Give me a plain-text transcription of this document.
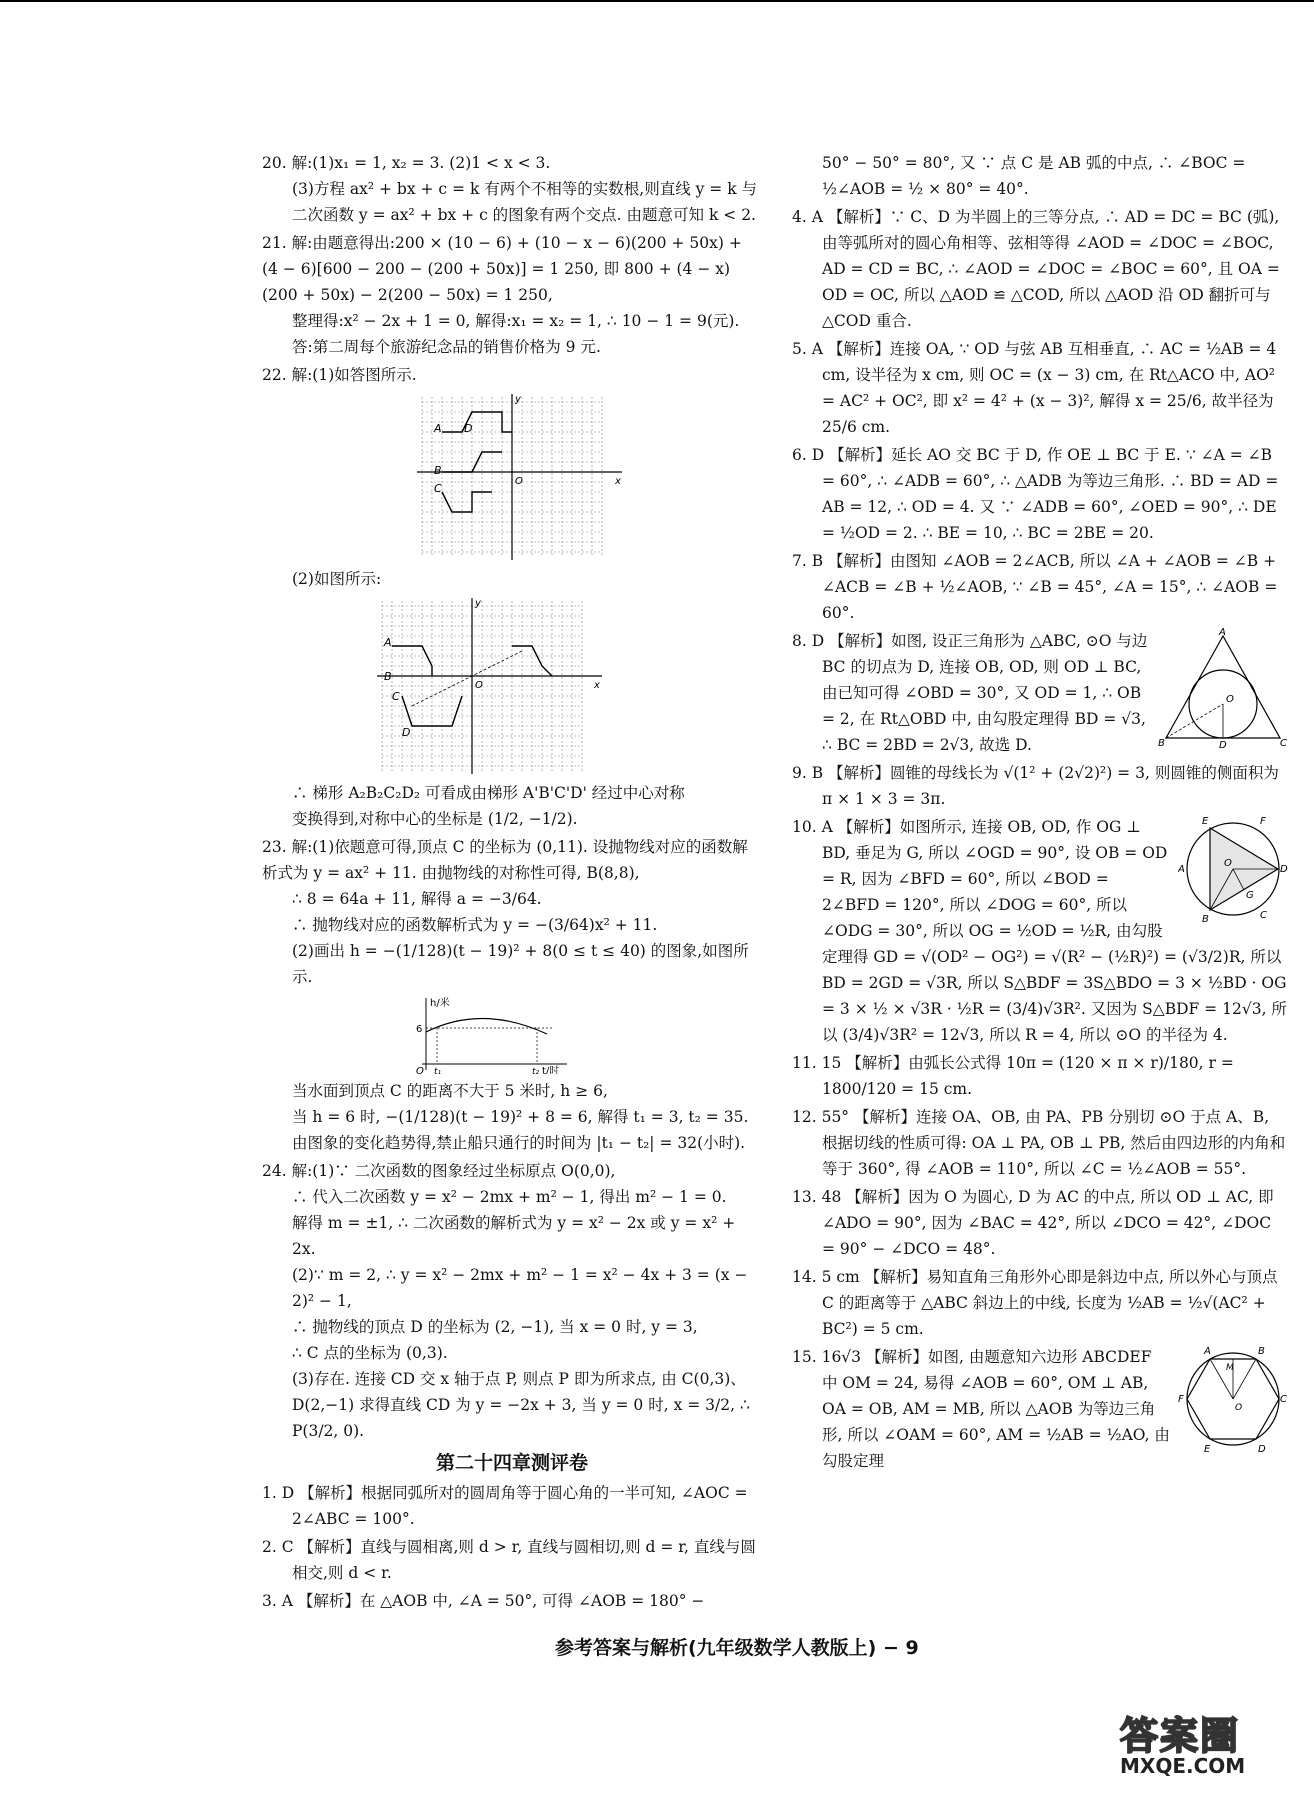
20. 解:(1)x₁ = 1, x₂ = 3. (2)1 < x < 3.
(3)方程 ax² + bx + c = k 有两个不相等的实数根,则直线 y = k 与二次函数 y = ax² + bx + c 的图象有两个交点. 由题意可知 k < 2.
21. 解:由题意得出:200 × (10 − 6) + (10 − x − 6)(200 + 50x) + (4 − 6)[600 − 200 − (200 + 50x)] = 1 250, 即 800 + (4 − x)(200 + 50x) − 2(200 − 50x) = 1 250,
整理得:x² − 2x + 1 = 0, 解得:x₁ = x₂ = 1, ∴ 10 − 1 = 9(元).
答:第二周每个旅游纪念品的销售价格为 9 元.
22. 解:(1)如答图所示.
A
B
C
D
y
x
O
(2)如图所示:
A
B
C
D
y
x
O
∴ 梯形 A₂B₂C₂D₂ 可看成由梯形 A'B'C'D' 经过中心对称
变换得到,对称中心的坐标是 (1/2, −1/2).
23. 解:(1)依题意可得,顶点 C 的坐标为 (0,11). 设抛物线对应的函数解析式为 y = ax² + 11. 由抛物线的对称性可得, B(8,8),
∴ 8 = 64a + 11, 解得 a = −3/64.
∴ 抛物线对应的函数解析式为 y = −(3/64)x² + 11.
(2)画出 h = −(1/128)(t − 19)² + 8(0 ≤ t ≤ 40) 的图象,如图所示.
h/米
t/时
6
O t₁	t₂
当水面到顶点 C 的距离不大于 5 米时, h ≥ 6,
当 h = 6 时, −(1/128)(t − 19)² + 8 = 6, 解得 t₁ = 3, t₂ = 35.
由图象的变化趋势得,禁止船只通行的时间为 |t₁ − t₂| = 32(小时).
24. 解:(1)∵ 二次函数的图象经过坐标原点 O(0,0),
∴ 代入二次函数 y = x² − 2mx + m² − 1, 得出 m² − 1 = 0.
解得 m = ±1, ∴ 二次函数的解析式为 y = x² − 2x 或 y = x² + 2x.
(2)∵ m = 2, ∴ y = x² − 2mx + m² − 1 = x² − 4x + 3 = (x − 2)² − 1,
∴ 抛物线的顶点 D 的坐标为 (2, −1), 当 x = 0 时, y = 3,
∴ C 点的坐标为 (0,3).
(3)存在. 连接 CD 交 x 轴于点 P, 则点 P 即为所求点, 由 C(0,3)、D(2,−1) 求得直线 CD 为 y = −2x + 3, 当 y = 0 时, x = 3/2, ∴ P(3/2, 0).
第二十四章测评卷
1. D 【解析】根据同弧所对的圆周角等于圆心角的一半可知, ∠AOC = 2∠ABC = 100°.
2. C 【解析】直线与圆相离,则 d > r, 直线与圆相切,则 d = r, 直线与圆相交,则 d < r.
3. A 【解析】在 △AOB 中, ∠A = 50°, 可得 ∠AOB = 180° −
50° − 50° = 80°, 又 ∵ 点 C 是 AB 弧的中点, ∴ ∠BOC = ½∠AOB = ½ × 80° = 40°.
4. A 【解析】∵ C、D 为半圆上的三等分点, ∴ AD = DC = BC (弧), 由等弧所对的圆心角相等、弦相等得 ∠AOD = ∠DOC = ∠BOC, AD = CD = BC, ∴ ∠AOD = ∠DOC = ∠BOC = 60°, 且 OA = OD = OC, 所以 △AOD ≌ △COD, 所以 △AOD 沿 OD 翻折可与 △COD 重合.
5. A 【解析】连接 OA, ∵ OD 与弦 AB 互相垂直, ∴ AC = ½AB = 4 cm, 设半径为 x cm, 则 OC = (x − 3) cm, 在 Rt△ACO 中, AO² = AC² + OC², 即 x² = 4² + (x − 3)², 解得 x = 25/6, 故半径为 25/6 cm.
6. D 【解析】延长 AO 交 BC 于 D, 作 OE ⊥ BC 于 E. ∵ ∠A = ∠B = 60°, ∴ ∠ADB = 60°, ∴ △ADB 为等边三角形. ∴ BD = AD = AB = 12, ∴ OD = 4. 又 ∵ ∠ADB = 60°, ∠OED = 90°, ∴ DE = ½OD = 2. ∴ BE = 10, ∴ BC = 2BE = 20.
7. B 【解析】由图知 ∠AOB = 2∠ACB, 所以 ∠A + ∠AOB = ∠B + ∠ACB = ∠B + ½∠AOB, ∵ ∠B = 45°, ∠A = 15°, ∴ ∠AOB = 60°.
A
B	C
D
O
8. D 【解析】如图, 设正三角形为 △ABC, ⊙O 与边 BC 的切点为 D, 连接 OB, OD, 则 OD ⊥ BC, 由已知可得 ∠OBD = 30°, 又 OD = 1, ∴ OB = 2, 在 Rt△OBD 中, 由勾股定理得 BD = √3, ∴ BC = 2BD = 2√3, 故选 D.
9. B 【解析】圆锥的母线长为 √(1² + (2√2)²) = 3, 则圆锥的侧面积为 π × 1 × 3 = 3π.
E	F
A	D
B	C
G
O
10. A 【解析】如图所示, 连接 OB, OD, 作 OG ⊥ BD, 垂足为 G, 所以 ∠OGD = 90°, 设 OB = OD = R, 因为 ∠BFD = 60°, 所以 ∠BOD = 2∠BFD = 120°, 所以 ∠DOG = 60°, 所以 ∠ODG = 30°, 所以 OG = ½OD = ½R, 由勾股定理得 GD = √(OD² − OG²) = √(R² − (½R)²) = (√3/2)R, 所以 BD = 2GD = √3R, 所以 S△BDF = 3S△BDO = 3 × ½BD · OG = 3 × ½ × √3R · ½R = (3/4)√3R². 又因为 S△BDF = 12√3, 所以 (3/4)√3R² = 12√3, 所以 R = 4, 所以 ⊙O 的半径为 4.
11. 15 【解析】由弧长公式得 10π = (120 × π × r)/180, r = 1800/120 = 15 cm.
12. 55° 【解析】连接 OA、OB, 由 PA、PB 分别切 ⊙O 于点 A、B, 根据切线的性质可得: OA ⊥ PA, OB ⊥ PB, 然后由四边形的内角和等于 360°, 得 ∠AOB = 110°, 所以 ∠C = ½∠AOB = 55°.
13. 48 【解析】因为 O 为圆心, D 为 AC 的中点, 所以 OD ⊥ AC, 即 ∠ADO = 90°, 因为 ∠BAC = 42°, 所以 ∠DCO = 42°, ∠DOC = 90° − ∠DCO = 48°.
14. 5 cm 【解析】易知直角三角形外心即是斜边中点, 所以外心与顶点 C 的距离等于 △ABC 斜边上的中线, 长度为 ½AB = ½√(AC² + BC²) = 5 cm.
A	B
C
D
E
F
M
O
15. 16√3 【解析】如图, 由题意知六边形 ABCDEF 中 OM = 24, 易得 ∠AOB = 60°, OM ⊥ AB, OA = OB, AM = MB, 所以 △AOB 为等边三角形, 所以 ∠OAM = 60°, AM = ½AB = ½AO, 由勾股定理
参考答案与解析(九年级数学人教版上) − 9
答案圈
MXQE.COM
